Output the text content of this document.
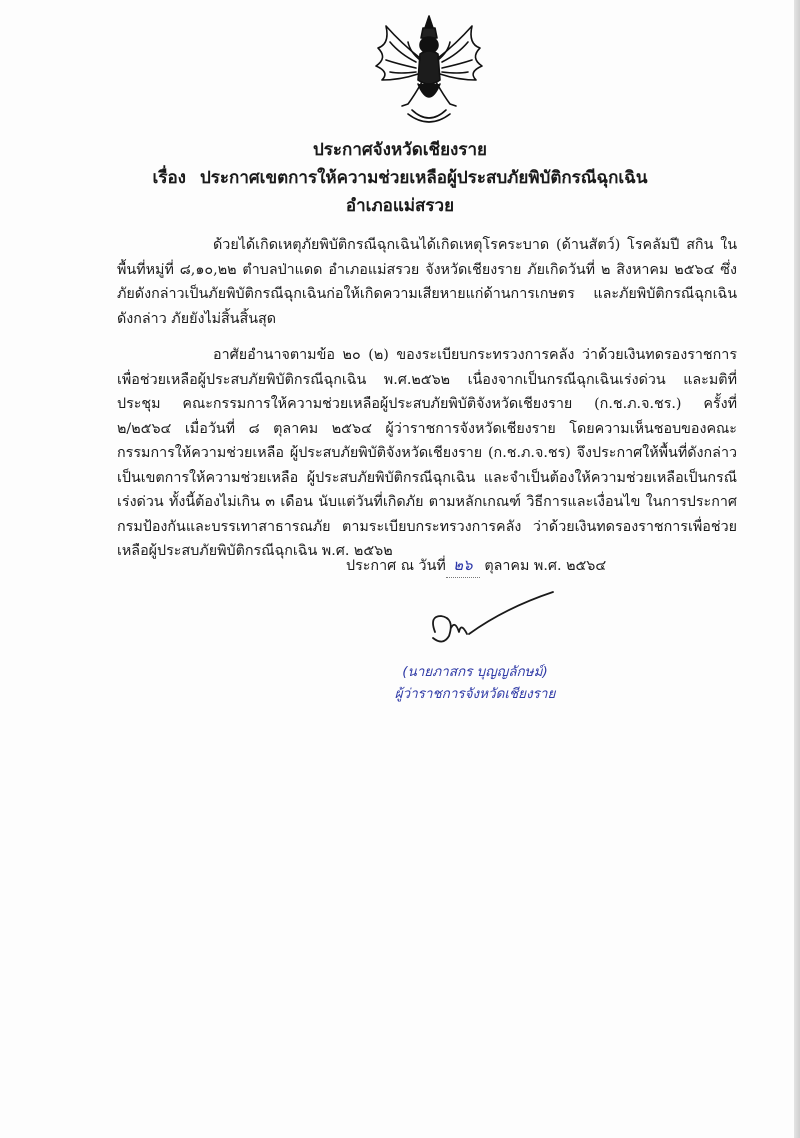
ประกาศจังหวัดเชียงราย
เรื่อง ประกาศเขตการให้ความช่วยเหลือผู้ประสบภัยพิบัติกรณีฉุกเฉิน
อำเภอแม่สรวย

ด้วยได้เกิดเหตุภัยพิบัติกรณีฉุกเฉินได้เกิดเหตุโรคระบาด (ด้านสัตว์) โรคลัมปี สกิน ในพื้นที่หมู่ที่ ๘,๑๐,๒๒ ตำบลป่าแดด อำเภอแม่สรวย จังหวัดเชียงราย ภัยเกิดวันที่ ๒ สิงหาคม ๒๕๖๔ ซึ่งภัยดังกล่าวเป็นภัยพิบัติกรณีฉุกเฉินก่อให้เกิดความเสียหายแก่ด้านการเกษตร และภัยพิบัติกรณีฉุกเฉินดังกล่าว ภัยยังไม่สิ้นสิ้นสุด

อาศัยอำนาจตามข้อ ๒๐ (๒) ของระเบียบกระทรวงการคลัง ว่าด้วยเงินทดรองราชการ เพื่อช่วยเหลือผู้ประสบภัยพิบัติกรณีฉุกเฉิน พ.ศ.๒๕๖๒ เนื่องจากเป็นกรณีฉุกเฉินเร่งด่วน และมติที่ประชุม คณะกรรมการให้ความช่วยเหลือผู้ประสบภัยพิบัติจังหวัดเชียงราย (ก.ช.ภ.จ.ชร.) ครั้งที่ ๒/๒๕๖๔ เมื่อวันที่ ๘ ตุลาคม ๒๕๖๔ ผู้ว่าราชการจังหวัดเชียงราย โดยความเห็นชอบของคณะกรรมการให้ความช่วยเหลือ ผู้ประสบภัยพิบัติจังหวัดเชียงราย (ก.ช.ภ.จ.ชร) จึงประกาศให้พื้นที่ดังกล่าวเป็นเขตการให้ความช่วยเหลือ ผู้ประสบภัยพิบัติกรณีฉุกเฉิน และจำเป็นต้องให้ความช่วยเหลือเป็นกรณีเร่งด่วน ทั้งนี้ต้องไม่เกิน ๓ เดือน นับแต่วันที่เกิดภัย ตามหลักเกณฑ์ วิธีการและเงื่อนไข ในการประกาศกรมป้องกันและบรรเทาสาธารณภัย ตามระเบียบกระทรวงการคลัง ว่าด้วยเงินทดรองราชการเพื่อช่วยเหลือผู้ประสบภัยพิบัติกรณีฉุกเฉิน พ.ศ. ๒๕๖๒

ประกาศ ณ วันที่ ๒๖ ตุลาคม พ.ศ. ๒๕๖๔
(นายภาสกร บุญญลักษม์)
ผู้ว่าราชการจังหวัดเชียงราย
